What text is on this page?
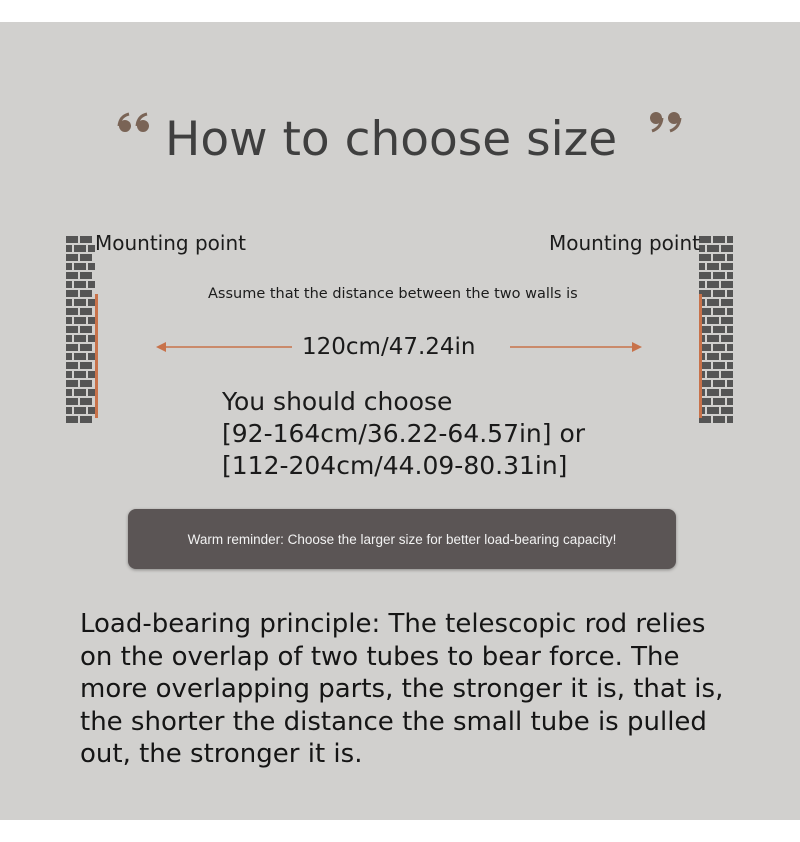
How to choose size
Mounting point	Mounting point
Assume that the distance between the two walls is
120cm/47.24in
You should choose
[92-164cm/36.22-64.57in] or
[112-204cm/44.09-80.31in]
Warm reminder: Choose the larger size for better load-bearing capacity!
Load-bearing principle: The telescopic rod relies
on the overlap of two tubes to bear force. The
more overlapping parts, the stronger it is, that is,
the shorter the distance the small tube is pulled
out, the stronger it is.
